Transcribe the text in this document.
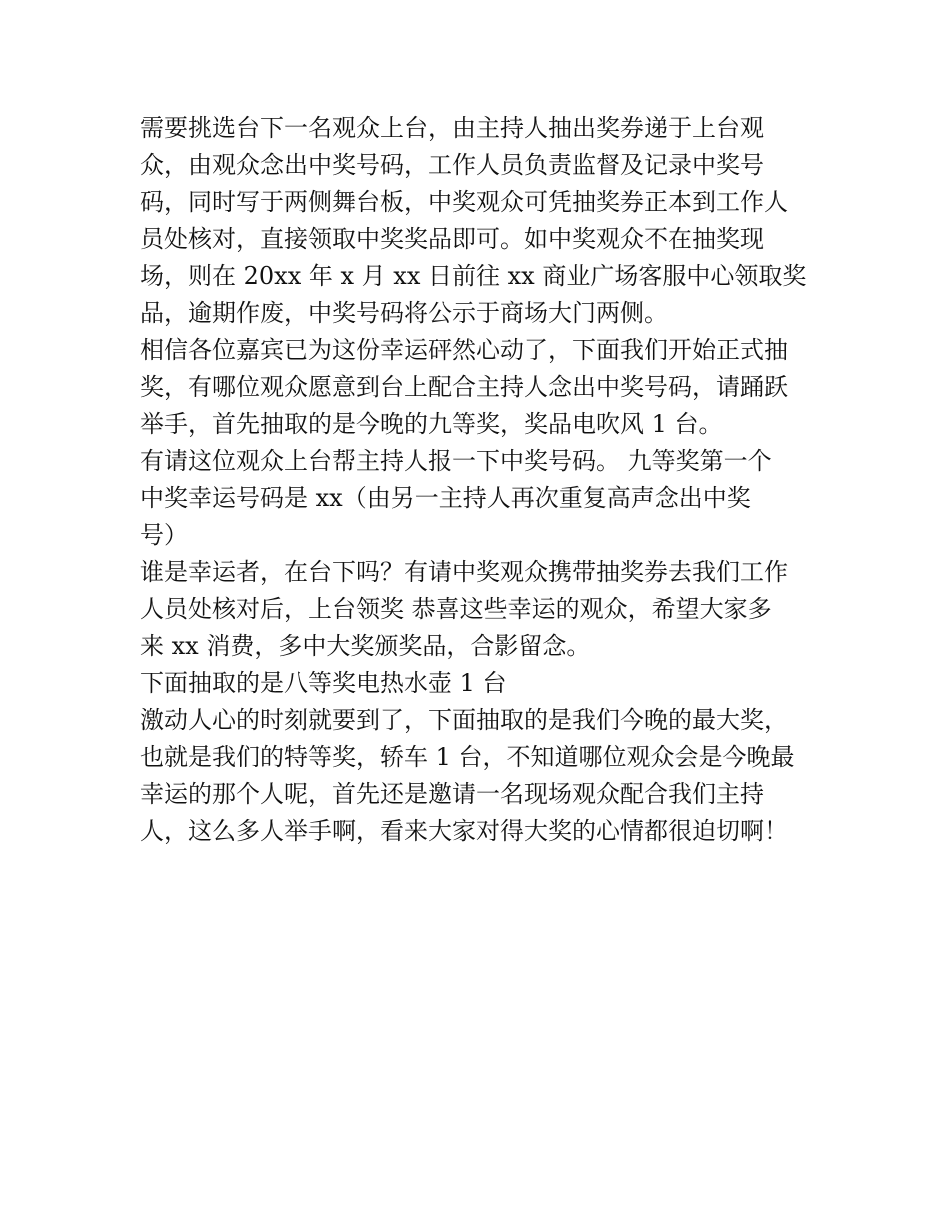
需要挑选台下一名观众上台，由主持人抽出奖券递于上台观
众，由观众念出中奖号码，工作人员负责监督及记录中奖号
码，同时写于两侧舞台板，中奖观众可凭抽奖券正本到工作人
员处核对，直接领取中奖奖品即可。如中奖观众不在抽奖现
场，则在 20xx 年 x 月 xx 日前往 xx 商业广场客服中心领取奖
品，逾期作废，中奖号码将公示于商场大门两侧。
相信各位嘉宾已为这份幸运砰然心动了，下面我们开始正式抽
奖，有哪位观众愿意到台上配合主持人念出中奖号码，请踊跃
举手，首先抽取的是今晚的九等奖，奖品电吹风 1 台。
有请这位观众上台帮主持人报一下中奖号码。 九等奖第一个
中奖幸运号码是 xx（由另一主持人再次重复高声念出中奖
号）
谁是幸运者，在台下吗？有请中奖观众携带抽奖券去我们工作
人员处核对后，上台领奖 恭喜这些幸运的观众，希望大家多
来 xx 消费，多中大奖颁奖品，合影留念。
下面抽取的是八等奖电热水壶 1 台
激动人心的时刻就要到了，下面抽取的是我们今晚的最大奖，
也就是我们的特等奖，轿车 1 台，不知道哪位观众会是今晚最
幸运的那个人呢，首先还是邀请一名现场观众配合我们主持
人，这么多人举手啊，看来大家对得大奖的心情都很迫切啊！
